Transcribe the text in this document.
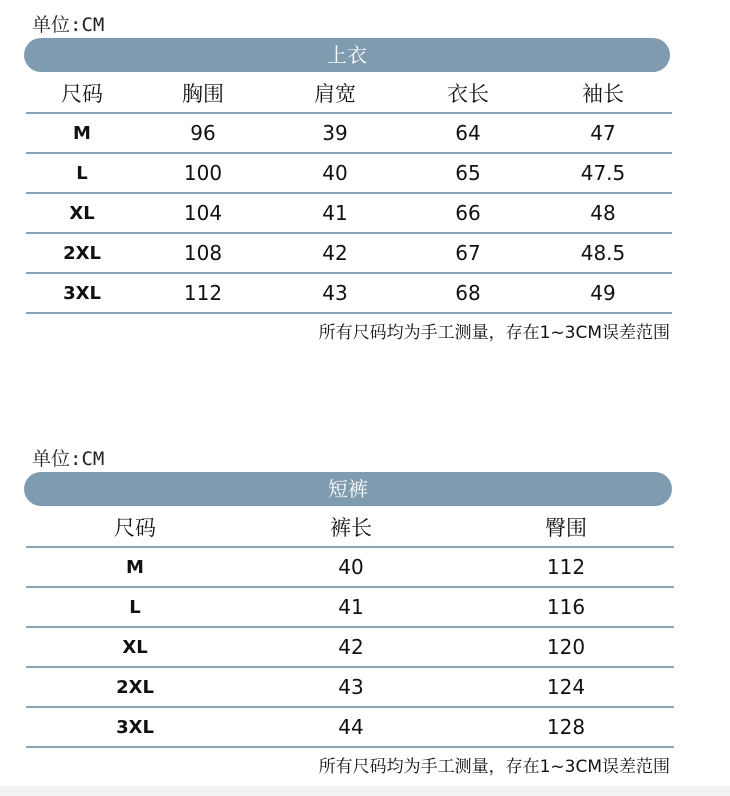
单位:CM
上衣
尺码	胸围	肩宽	衣长	袖长
M	96	39	64	47
L	100	40	65	47.5
XL	104	41	66	48
2XL	108	42	67	48.5
3XL	112	43	68	49
所有尺码均为手工测量，存在1~3CM误差范围
单位:CM
短裤
尺码	裤长	臀围
M	40	112
L	41	116
XL	42	120
2XL	43	124
3XL	44	128
所有尺码均为手工测量，存在1~3CM误差范围
